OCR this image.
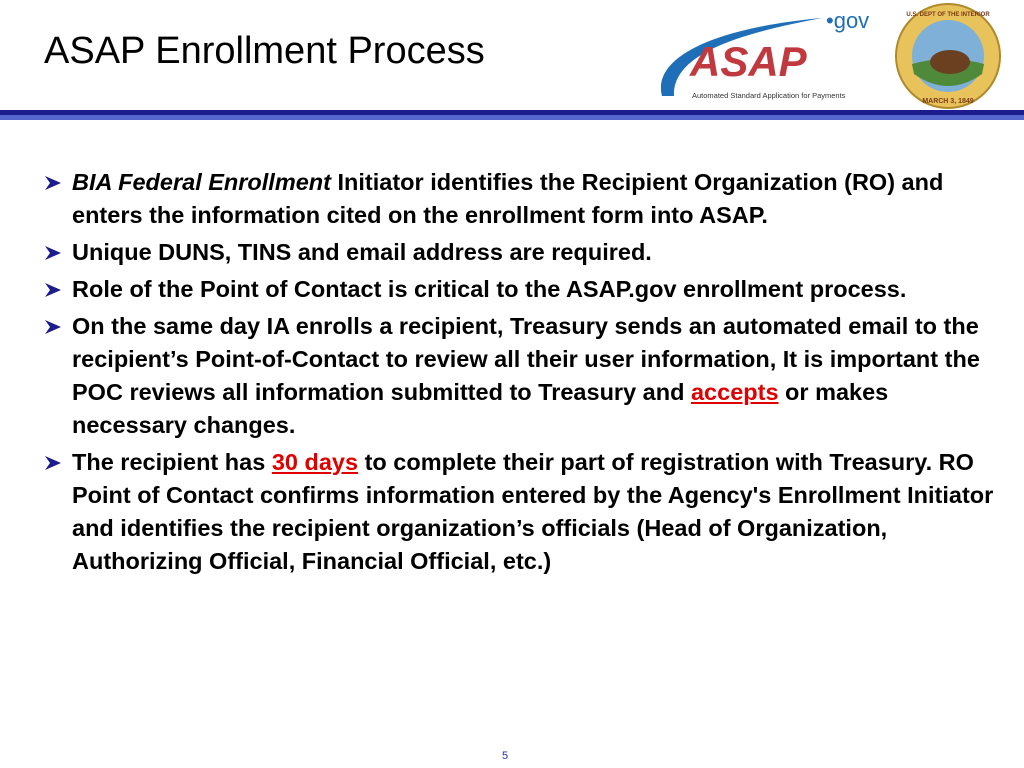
ASAP Enrollment Process
•gov
ASAP
Automated Standard Application for Payments
U.S. DEPT OF THE INTERIOR
MARCH 3, 1849
BIA Federal Enrollment Initiator identifies the Recipient Organization (RO) and enters the information cited on the enrollment form into ASAP.
Unique DUNS, TINS and email address are required.
Role of the Point of Contact is critical to the ASAP.gov enrollment process.
On the same day IA enrolls a recipient, Treasury sends an automated email to the recipient’s Point-of-Contact to review all their user information, It is important the POC reviews all information submitted to Treasury and accepts or makes necessary changes.
The recipient has 30 days to complete their part of registration with Treasury. RO Point of Contact confirms information entered by the Agency's Enrollment Initiator and identifies the recipient organization’s officials (Head of Organization, Authorizing Official, Financial Official, etc.)
5
